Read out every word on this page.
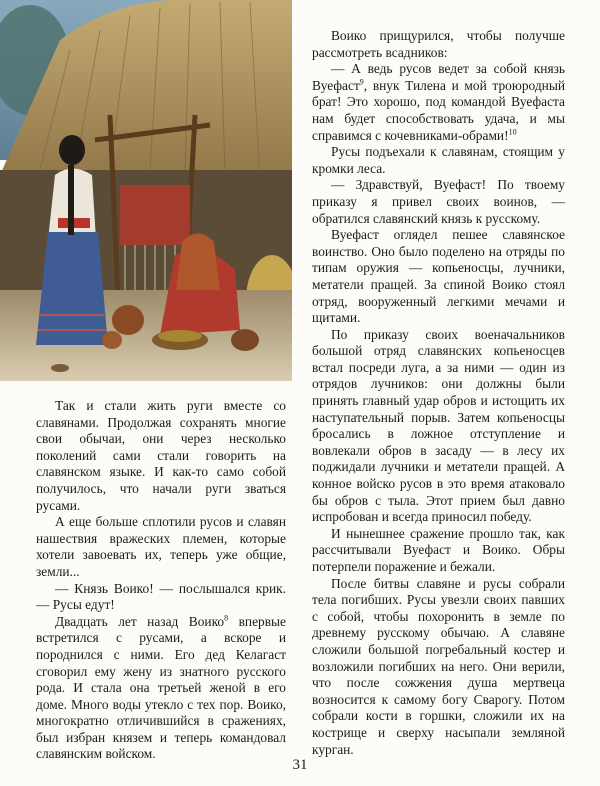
Воико прищурился, чтобы получше рассмотреть всадников:

— А ведь русов ведет за собой князь Вуефаст$^9$, внук Тилена и мой троюродный брат! Это хорошо, под командой Вуефаста нам будет способствовать удача, и мы справимся с кочевниками-обрами!$^{10}$

Русы подъехали к славянам, стоящим у кромки леса.

— Здравствуй, Вуефаст! По твоему приказу я привел своих воинов, — обратился славянский князь к русскому.

Вуефаст оглядел пешее славянское воинство. Оно было поделено на отряды по типам оружия — копьеносцы, лучники, метатели пращей. За спиной Воико стоял отряд, вооруженный легкими мечами и щитами.

По приказу своих военачальников большой отряд славянских копьеносцев встал посреди луга, а за ними — один из отрядов лучников: они должны были принять главный удар обров и истощить их наступательный порыв. Затем копьеносцы бросались в ложное отступление и вовлекали обров в засаду — в лесу их поджидали лучники и метатели пращей. А конное войско русов в это время атаковало бы обров с тыла. Этот прием был давно испробован и всегда приносил победу.

И нынешнее сражение прошло так, как рассчитывали Вуефаст и Воико. Обры потерпели поражение и бежали.

После битвы славяне и русы собрали тела погибших. Русы увезли своих павших с собой, чтобы похоронить в земле по древнему русскому обычаю. А славяне сложили большой погребальный костер и возложили погибших на него. Они верили, что после сожжения душа мертвеца возносится к самому богу Сварогу. Потом собрали кости в горшки, сложили их на кострище и сверху насыпали земляной курган.

Так и стали жить руги вместе со славянами. Продолжая сохранять многие свои обычаи, они через несколько поколений сами стали говорить на славянском языке. И как-то само собой получилось, что начали руги зваться русами.

А еще больше сплотили русов и славян нашествия вражеских племен, которые хотели завоевать их, теперь уже общие, земли...

— Князь Воико! — послышался крик. — Русы едут!

Двадцать лет назад Воико$^8$ впервые встретился с русами, а вскоре и породнился с ними. Его дед Келагаст сговорил ему жену из знатного русского рода. И стала она третьей женой в его доме. Много воды утекло с тех пор. Воико, многократно отличившийся в сражениях, был избран князем и теперь командовал славянским войском.

31
